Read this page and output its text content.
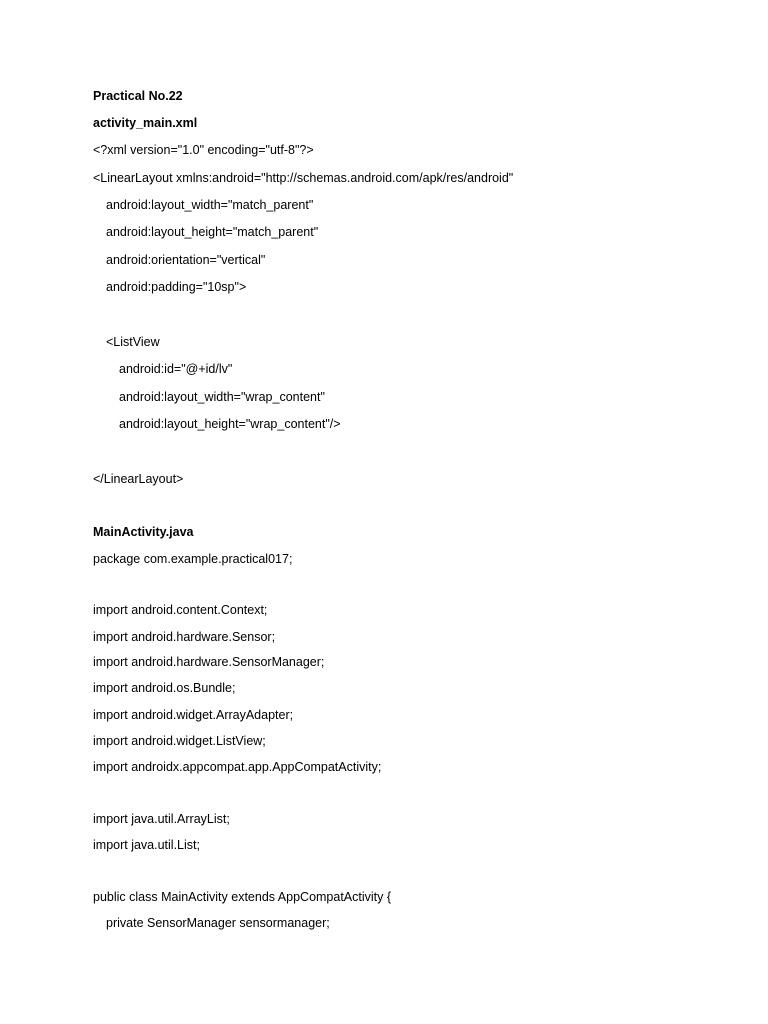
Practical No.22
activity_main.xml
<?xml version="1.0" encoding="utf-8"?>
<LinearLayout xmlns:android="http://schemas.android.com/apk/res/android"
android:layout_width="match_parent"
android:layout_height="match_parent"
android:orientation="vertical"
android:padding="10sp">
<ListView
android:id="@+id/lv"
android:layout_width="wrap_content"
android:layout_height="wrap_content"/>
</LinearLayout>
MainActivity.java
package com.example.practical017;
import android.content.Context;
import android.hardware.Sensor;
import android.hardware.SensorManager;
import android.os.Bundle;
import android.widget.ArrayAdapter;
import android.widget.ListView;
import androidx.appcompat.app.AppCompatActivity;
import java.util.ArrayList;
import java.util.List;
public class MainActivity extends AppCompatActivity {
private SensorManager sensormanager;
